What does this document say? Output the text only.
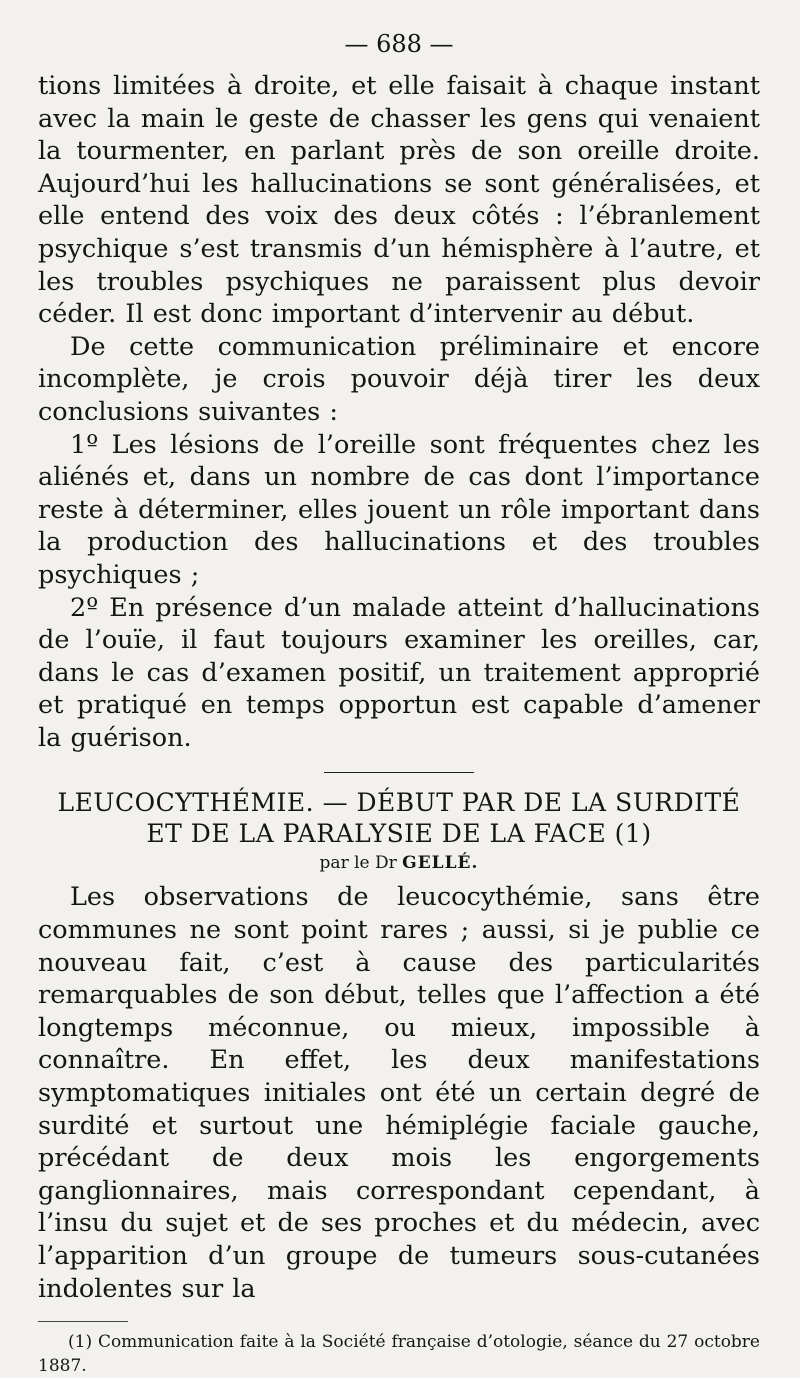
— 688 —

tions limitées à droite, et elle faisait à chaque instant avec la main le geste de chasser les gens qui venaient la tourmenter, en parlant près de son oreille droite. Aujourd’hui les hallucinations se sont généralisées, et elle entend des voix des deux côtés : l’ébranlement psychique s’est transmis d’un hémisphère à l’autre, et les troubles psychiques ne paraissent plus devoir céder. Il est donc important d’intervenir au début.

De cette communication préliminaire et encore incomplète, je crois pouvoir déjà tirer les deux conclusions suivantes :

1º Les lésions de l’oreille sont fréquentes chez les aliénés et, dans un nombre de cas dont l’importance reste à déterminer, elles jouent un rôle important dans la production des hallucinations et des troubles psychiques ;

2º En présence d’un malade atteint d’hallucinations de l’ouïe, il faut toujours examiner les oreilles, car, dans le cas d’examen positif, un traitement approprié et pratiqué en temps opportun est capable d’amener la guérison.

LEUCOCYTHÉMIE. — DÉBUT PAR DE LA SURDITÉ

ET DE LA PARALYSIE DE LA FACE (1)

par le Dr GELLÉ.

Les observations de leucocythémie, sans être communes ne sont point rares ; aussi, si je publie ce nouveau fait, c’est à cause des particularités remarquables de son début, telles que l’affection a été longtemps méconnue, ou mieux, impossible à connaître. En effet, les deux manifestations symptomatiques initiales ont été un certain degré de surdité et surtout une hémiplégie faciale gauche, précédant de deux mois les engorgements ganglionnaires, mais correspondant cependant, à l’insu du sujet et de ses proches et du médecin, avec l’apparition d’un groupe de tumeurs sous-cutanées indolentes sur la

(1) Communication faite à la Société française d’otologie, séance du 27 octobre 1887.
